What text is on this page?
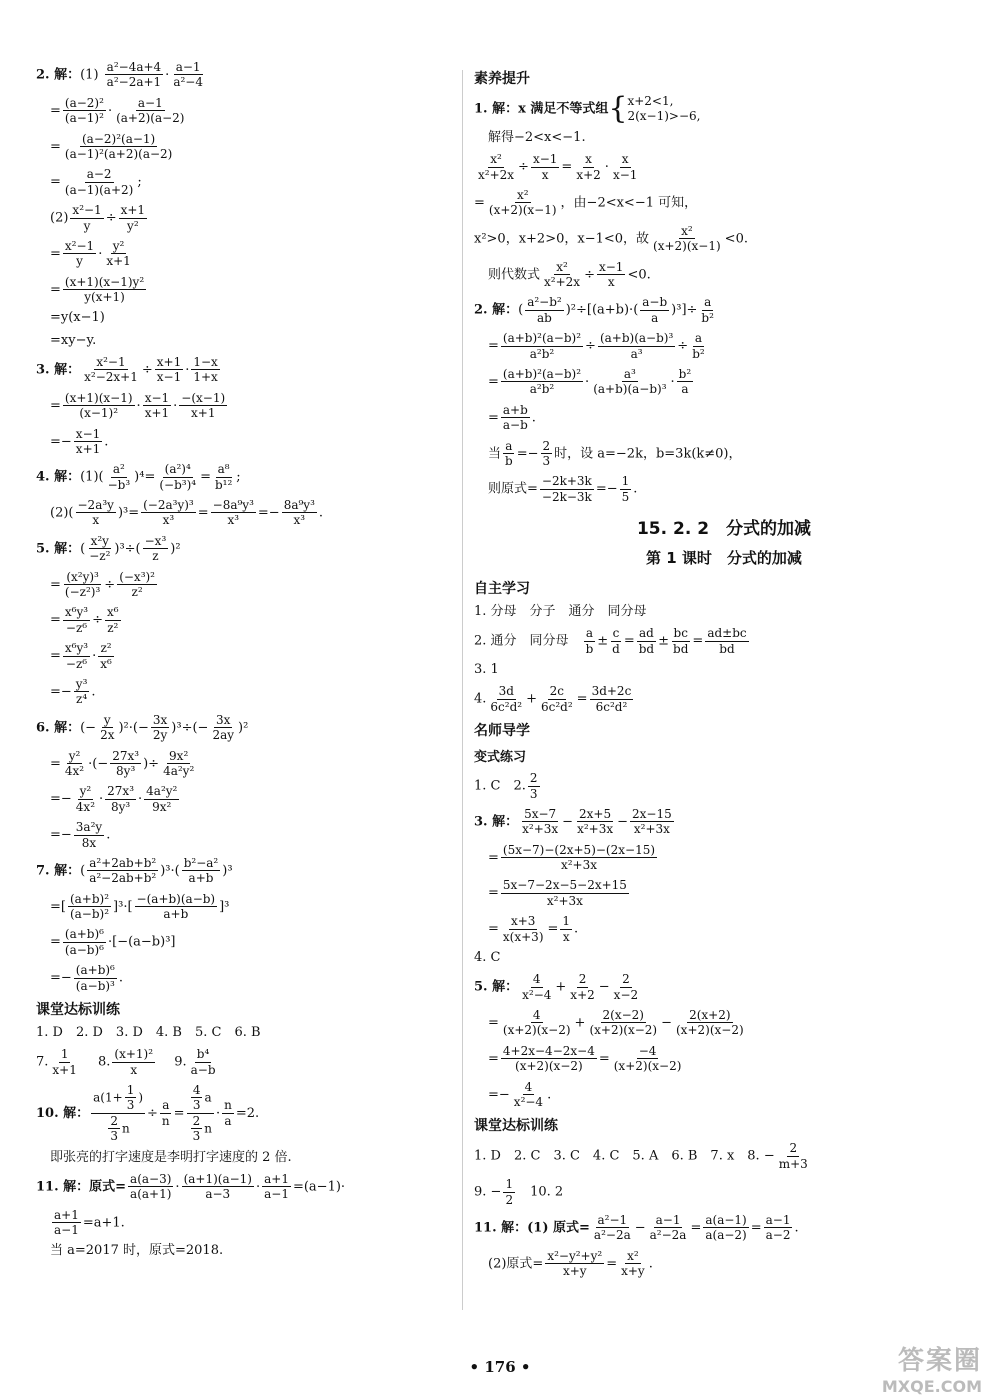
2. 解：$(1) \frac{\text{a²−4a+4}}{\text{a²−2a+1}} \cdot \frac{a-1}{\text{a²−4}}$
= $\frac{\text{(a−2)²}}{\text{(a−1)²}} \cdot \frac{a-1}{(a+2)(a-2)}$
= $\frac{\text{(a−2)²(a−1)}}{\text{(a−1)²(a+2)(a−2)}}$
= $\frac{a-2}{(a-1)(a+2)}$ ;
$(2) \frac{\text{x²−1}}{y} \div \frac{x+1}{\text{y²}}$
= $\frac{\text{x²−1}}{y} \cdot \frac{\text{y²}}{x+1}$
= $\frac{\text{(x+1)(x−1)y²}}{y(x+1)}$
=y(x−1)
=xy−y.
3. 解： $\frac{\text{x²−1}}{\text{x²−2x+1}} \div \frac{x+1}{x-1} \cdot \frac{1-x}{1+x}$
= $\frac{(x+1)(x-1)}{\text{(x−1)²}} \cdot \frac{x-1}{x+1} \cdot \frac{-(x-1)}{x+1}$
=− $\frac{x-1}{x+1}$ .
4. 解：$(1)( \frac{\text{a²}}{\text{−b³}} )^4= \frac{\text{(a²)⁴}}{\text{(−b³)⁴}} = \frac{\text{a⁸}}{\text{b¹²}}$ ;
$(2)( \frac{\text{−2a³y}}{x} )^3= \frac{\text{(−2a³y)³}}{\text{x³}} = \frac{\text{−8a⁹y³}}{\text{x³}} =- \frac{\text{8a⁹y³}}{\text{x³}}$ .
5. 解：( $\frac{\text{x²y}}{\text{−z²}} )^3\div( \frac{\text{−x³}}{z} )^2$
= $\frac{\text{(x²y)³}}{\text{(−z²)³}} \div \frac{\text{(−x³)²}}{\text{z²}}$
= $\frac{\text{x⁶y³}}{\text{−z⁶}} \div \frac{\text{x⁶}}{\text{z²}}$
= $\frac{\text{x⁶y³}}{\text{−z⁶}} \cdot \frac{\text{z²}}{\text{x⁶}}$
=− $\frac{\text{y³}}{\text{z⁴}}$ .
6. 解：(− $\frac{y}{2x} )^2\cdot(- \frac{3x}{2y} )^3\div(- \frac{3x}{2ay} )^2$
= $\frac{\text{y²}}{\text{4x²}}$ ·(− $\frac{\text{27x³}}{\text{8y³}}$ )÷ $\frac{\text{9x²}}{\text{4a²y²}}$
=− $\frac{\text{y²}}{\text{4x²}} \cdot \frac{\text{27x³}}{\text{8y³}} \cdot \frac{\text{4a²y²}}{\text{9x²}}$
=− $\frac{\text{3a²y}}{8x}$ .
7. 解：( $\frac{\text{a²+2ab+b²}}{\text{a²−2ab+b²}} )^3\cdot( \frac{\text{b²−a²}}{a+b} )^3$
=[ $\frac{\text{(a+b)²}}{\text{(a−b)²}} ]^3\cdot[ \frac{-(a+b)(a-b)}{a+b} ]^3$
= $\frac{\text{(a+b)⁶}}{\text{(a−b)⁶}} \cdot[-(a-b)^3]$
=− $\frac{\text{(a+b)⁶}}{\text{(a−b)³}}$ .
课堂达标训练
1. D　2. D　3. D　4. B　5. C　6. B
7. $\frac{1}{x+1}$
　 8. $\frac{\text{(x+1)²}}{x}$
　 9. $\frac{\text{b⁴}}{a-b}$
10. 解： $\frac{a(1+ \frac{1}{3} )}{\frac{2}{3} n} \div \frac{a}{n} = \frac{\frac{4}{3} a}{\frac{2}{3} n} \cdot \frac{n}{a} =2$.
即张亮的打字速度是李明打字速度的 2 倍.
11. 解：原式= $\frac{a(a-3)}{a(a+1)} \cdot \frac{(a+1)(a-1)}{a-3} \cdot \frac{a+1}{a-1} =(a-1)\cdot$
$\frac{a+1}{a-1} =a+1$.
当 a=2017 时，原式=2018.
素养提升
1. 解：x 满足不等式组{ x+2<1,
2(x−1)>−6,
解得−2<x<−1.
$\frac{\text{x²}}{\text{x²+2x}} \div \frac{x-1}{x} = \frac{x}{x+2} \cdot \frac{x}{x-1}$
= $\frac{\text{x²}}{(x+2)(x-1)}$ ，由−2<x<−1 可知，
x²>0，x+2>0，x−1<0，故 $\frac{\text{x²}}{(x+2)(x-1)} <0$.
则代数式 $\frac{\text{x²}}{\text{x²+2x}} \div \frac{x-1}{x} <0$.
2. 解：( $\frac{\text{a²−b²}}{ab} )^2\div[(a+b)\cdot( \frac{a-b}{a} )^3]\div \frac{a}{\text{b²}}$
= $\frac{\text{(a+b)²(a−b)²}}{\text{a²b²}} \div \frac{\text{(a+b)(a−b)³}}{\text{a³}} \div \frac{a}{\text{b²}}$
= $\frac{\text{(a+b)²(a−b)²}}{\text{a²b²}} \cdot \frac{\text{a³}}{\text{(a+b)(a−b)³}} \cdot \frac{\text{b²}}{a}$
= $\frac{a+b}{a-b}$ .
当 $\frac{a}{b} =- \frac{2}{3}$ 时，设 a=−2k，b=3k(k≠0)，
则原式= $\frac{-2k+3k}{-2k-3k} =- \frac{1}{5}$ .
15. 2. 2　分式的加减
第 1 课时　分式的加减
自主学习
1. 分母　分子　通分　同分母
2. 通分　同分母　 $\frac{a}{b} \pm \frac{c}{d} = \frac{ad}{bd} \pm \frac{bc}{bd} = \frac{ad\pm bc}{bd}$
3. 1
4. $\frac{3d}{\text{6c²d²}} + \frac{2c}{\text{6c²d²}} = \frac{3d+2c}{\text{6c²d²}}$
名师导学
变式练习
1. C　2. $\frac{2}{3}$
3. 解： $\frac{5x-7}{\text{x²+3x}} - \frac{2x+5}{\text{x²+3x}} - \frac{2x-15}{\text{x²+3x}}$
= $\frac{(5x-7)-(2x+5)-(2x-15)}{\text{x²+3x}}$
= $\frac{5x-7-2x-5-2x+15}{\text{x²+3x}}$
= $\frac{x+3}{x(x+3)} = \frac{1}{x}$ .
4. C
5. 解： $\frac{4}{\text{x²−4}} + \frac{2}{x+2} - \frac{2}{x-2}$
= $\frac{4}{(x+2)(x-2)} + \frac{2(x-2)}{(x+2)(x-2)} - \frac{2(x+2)}{(x+2)(x-2)}$
= $\frac{4+2x-4-2x-4}{(x+2)(x-2)} = \frac{-4}{(x+2)(x-2)}$
=− $\frac{4}{\text{x²−4}}$ .
课堂达标训练
1. D　2. C　3. C　4. C　5. A　6. B　7. x　8. − $\frac{2}{m+3}$
9. − $\frac{1}{2}$
　 10. 2
11. 解：(1) 原式= $\frac{\text{a²−1}}{\text{a²−2a}} - \frac{a-1}{\text{a²−2a}} = \frac{a(a-1)}{a(a-2)} = \frac{a-1}{a-2}$ .
(2)原式= $\frac{\text{x²−y²+y²}}{x+y} = \frac{\text{x²}}{x+y}$ .
• 176 •	答案圈
MXQE.COM
